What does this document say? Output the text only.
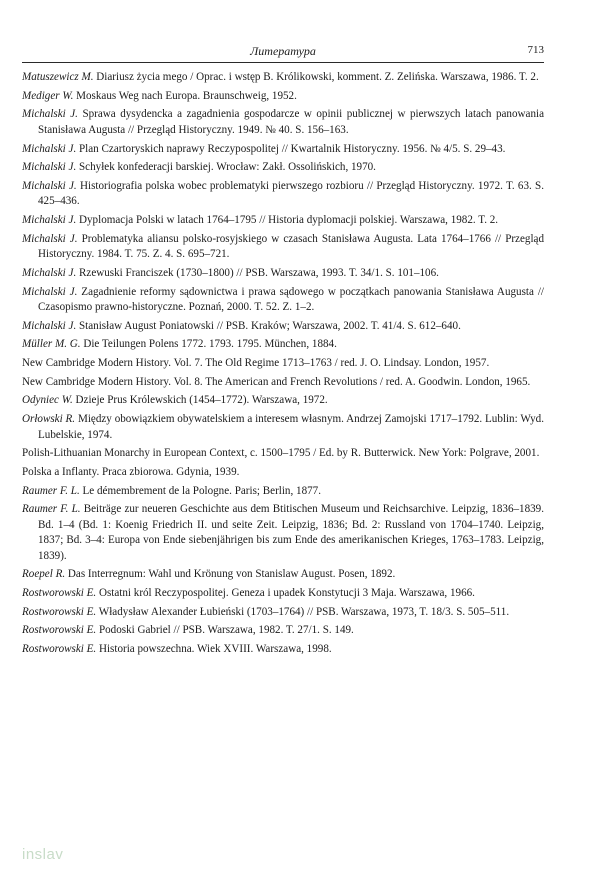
Литература	713
Matuszewicz M. Diariusz życia mego / Oprac. i wstęp B. Królikowski, komment. Z. Zelińska. Warszawa, 1986. T. 2.
Mediger W. Moskaus Weg nach Europa. Braunschweig, 1952.
Michalski J. Sprawa dysydencka a zagadnienia gospodarcze w opinii publicznej w pierwszych latach panowania Stanisława Augusta // Przegląd Historyczny. 1949. № 40. S. 156–163.
Michalski J. Plan Czartoryskich naprawy Reczypospolitej // Kwartalnik Historyczny. 1956. № 4/5. S. 29–43.
Michalski J. Schyłek konfederacji barskiej. Wrocław: Zakł. Ossolińskich, 1970.
Michalski J. Historiografia polska wobec problematyki pierwszego rozbioru // Przegląd Historyczny. 1972. T. 63. S. 425–436.
Michalski J. Dyplomacja Polski w latach 1764–1795 // Historia dyplomacji polskiej. Warszawa, 1982. T. 2.
Michalski J. Problematyka aliansu polsko-rosyjskiego w czasach Stanisława Augusta. Lata 1764–1766 // Przegląd Historyczny. 1984. T. 75. Z. 4. S. 695–721.
Michalski J. Rzewuski Franciszek (1730–1800) // PSB. Warszawa, 1993. T. 34/1. S. 101–106.
Michalski J. Zagadnienie reformy sądownictwa i prawa sądowego w początkach panowania Stanisława Augusta // Czasopismo prawno-historyczne. Poznań, 2000. T. 52. Z. 1–2.
Michalski J. Stanisław August Poniatowski // PSB. Kraków; Warszawa, 2002. T. 41/4. S. 612–640.
Müller M. G. Die Teilungen Polens 1772. 1793. 1795. München, 1884.
New Cambridge Modern History. Vol. 7. The Old Regime 1713–1763 / red. J. O. Lindsay. London, 1957.
New Cambridge Modern History. Vol. 8. The American and French Revolutions / red. A. Goodwin. London, 1965.
Odyniec W. Dzieje Prus Królewskich (1454–1772). Warszawa, 1972.
Orłowski R. Między obowiązkiem obywatelskiem a interesem własnym. Andrzej Zamojski 1717–1792. Lublin: Wyd. Lubelskie, 1974.
Polish-Lithuanian Monarchy in European Context, c. 1500–1795 / Ed. by R. Butterwick. New York: Polgrave, 2001.
Polska a Inflanty. Praca zbiorowa. Gdynia, 1939.
Raumer F. L. Le démembrement de la Pologne. Paris; Berlin, 1877.
Raumer F. L. Beiträge zur neueren Geschichte aus dem Btitischen Museum und Reichsarchive. Leipzig, 1836–1839. Bd. 1–4 (Bd. 1: Koenig Friedrich II. und seite Zeit. Leipzig, 1836; Bd. 2: Russland von 1704–1740. Leipzig, 1837; Bd. 3–4: Europa von Ende siebenjährigen bis zum Ende des amerikanischen Krieges, 1763–1783. Leipzig, 1839).
Roepel R. Das Interregnum: Wahl und Krönung von Stanislaw August. Posen, 1892.
Rostworowski E. Ostatni król Reczypospolitej. Geneza i upadek Konstytucji 3 Maja. Warszawa, 1966.
Rostworowski E. Władysław Alexander Łubieński (1703–1764) // PSB. Warszawa, 1973, T. 18/3. S. 505–511.
Rostworowski E. Podoski Gabriel // PSB. Warszawa, 1982. T. 27/1. S. 149.
Rostworowski E. Historia powszechna. Wiek XVIII. Warszawa, 1998.
inslav
